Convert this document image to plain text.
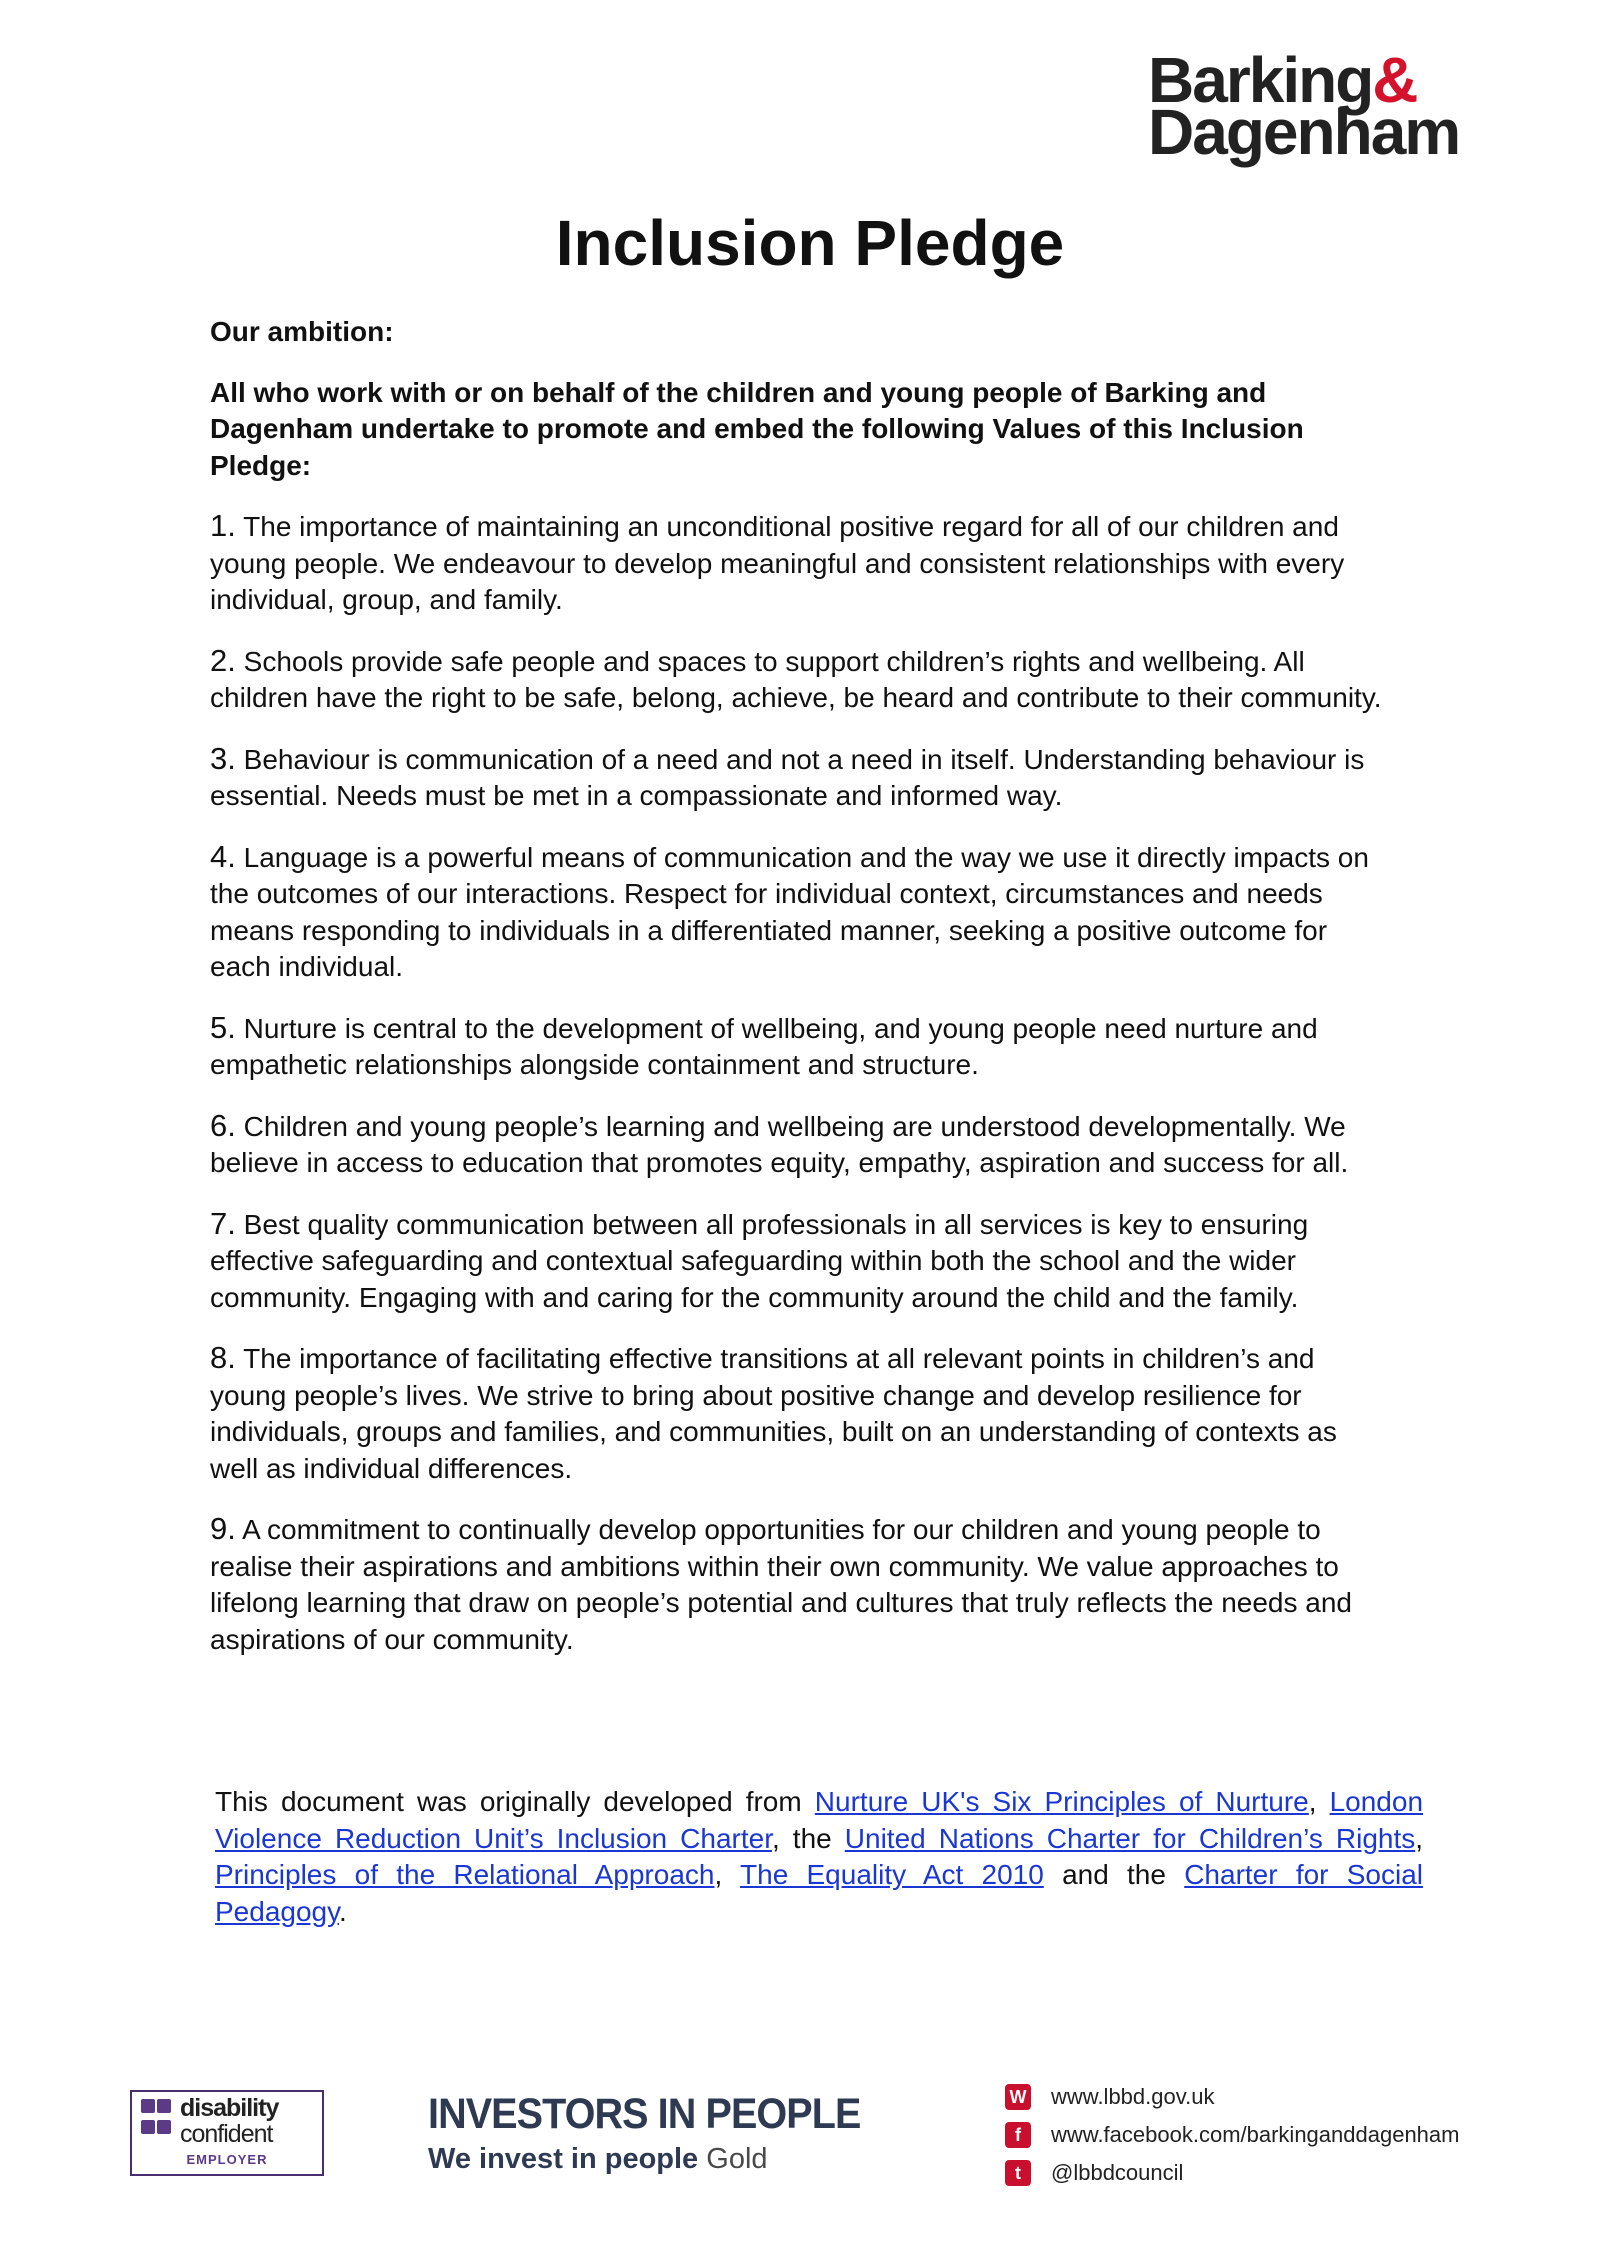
Barking&
Dagenham
Inclusion Pledge
Our ambition:
All who work with or on behalf of the children and young people of Barking and Dagenham undertake to promote and embed the following Values of this Inclusion Pledge:
1. The importance of maintaining an unconditional positive regard for all of our children and young people. We endeavour to develop meaningful and consistent relationships with every individual, group, and family.
2. Schools provide safe people and spaces to support children’s rights and wellbeing. All children have the right to be safe, belong, achieve, be heard and contribute to their community.
3. Behaviour is communication of a need and not a need in itself. Understanding behaviour is essential. Needs must be met in a compassionate and informed way.
4. Language is a powerful means of communication and the way we use it directly impacts on the outcomes of our interactions. Respect for individual context, circumstances and needs means responding to individuals in a differentiated manner, seeking a positive outcome for each individual.
5. Nurture is central to the development of wellbeing, and young people need nurture and empathetic relationships alongside containment and structure.
6. Children and young people’s learning and wellbeing are understood developmentally. We believe in access to education that promotes equity, empathy, aspiration and success for all.
7. Best quality communication between all professionals in all services is key to ensuring effective safeguarding and contextual safeguarding within both the school and the wider community. Engaging with and caring for the community around the child and the family.
8. The importance of facilitating effective transitions at all relevant points in children’s and young people’s lives. We strive to bring about positive change and develop resilience for individuals, groups and families, and communities, built on an understanding of contexts as well as individual differences.
9. A commitment to continually develop opportunities for our children and young people to realise their aspirations and ambitions within their own community. We value approaches to lifelong learning that draw on people’s potential and cultures that truly reflects the needs and aspirations of our community.
This document was originally developed from Nurture UK's Six Principles of Nurture, London Violence Reduction Unit’s Inclusion Charter, the United Nations Charter for Children’s Rights, Principles of the Relational Approach, The Equality Act 2010 and the Charter for Social Pedagogy.
disability
confident
EMPLOYER
INVESTORS IN PEOPLE
We invest in people Gold
W www.lbbd.gov.uk
f	www.facebook.com/barkinganddagenham
t	@lbbdcouncil
